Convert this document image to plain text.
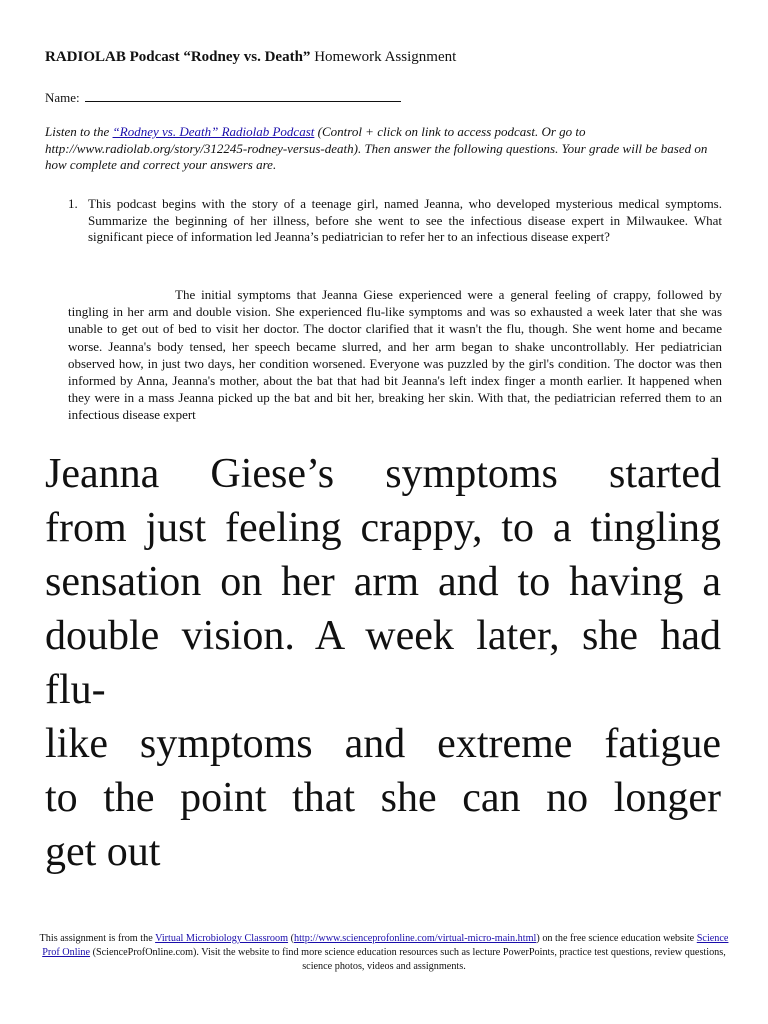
RADIOLAB Podcast “Rodney vs. Death” Homework Assignment
Name:
Listen to the “Rodney vs. Death” Radiolab Podcast (Control + click on link to access podcast. Or go to http://www.radiolab.org/story/312245-rodney-versus-death). Then answer the following questions. Your grade will be based on how complete and correct your answers are.
1. This podcast begins with the story of a teenage girl, named Jeanna, who developed mysterious medical symptoms. Summarize the beginning of her illness, before she went to see the infectious disease expert in Milwaukee. What significant piece of information led Jeanna’s pediatrician to refer her to an infectious disease expert?
The initial symptoms that Jeanna Giese experienced were a general feeling of crappy, followed by tingling in her arm and double vision. She experienced flu-like symptoms and was so exhausted a week later that she was unable to get out of bed to visit her doctor. The doctor clarified that it wasn't the flu, though. She went home and became worse. Jeanna's body tensed, her speech became slurred, and her arm began to shake uncontrollably. Her pediatrician observed how, in just two days, her condition worsened. Everyone was puzzled by the girl's condition. The doctor was then informed by Anna, Jeanna's mother, about the bat that had bit Jeanna's left index finger a month earlier. It happened when they were in a mass Jeanna picked up the bat and bit her, breaking her skin. With that, the pediatrician referred them to an infectious disease expert
Jeanna Giese’s symptoms started
from just feeling crappy, to a tingling
sensation on her arm and to having a
double vision. A week later, she had
flu-
like symptoms and extreme fatigue
to the point that she can no longer
get out
This assignment is from the Virtual Microbiology Classroom (http://www.scienceprofonline.com/virtual-micro-main.html) on the free science education website Science Prof Online (ScienceProfOnline.com). Visit the website to find more science education resources such as lecture PowerPoints, practice test questions, review questions, science photos, videos and assignments.
